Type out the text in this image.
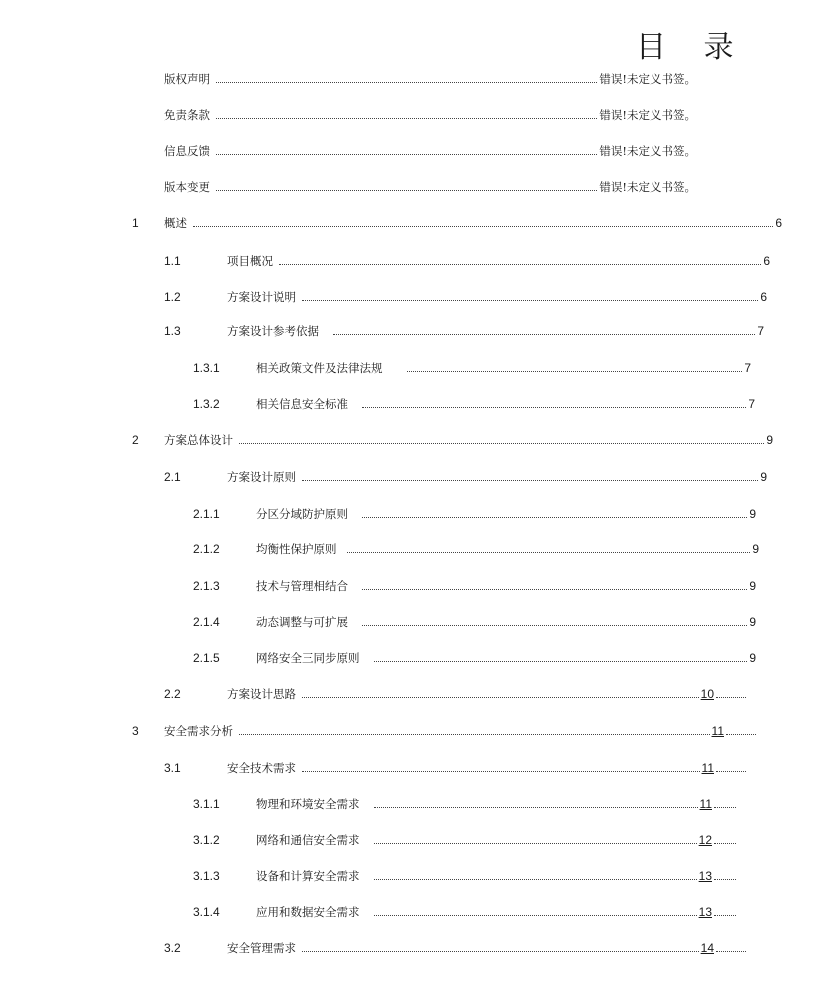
目 录
版权声明	错误!未定义书签。
免责条款	错误!未定义书签。
信息反馈	错误!未定义书签。
版本变更	错误!未定义书签。
1	概述	6
1.1	项目概况	6
1.2	方案设计说明	6
1.3	方案设计参考依据	7
1.3.1	相关政策文件及法律法规	7
1.3.2	相关信息安全标准	7
2	方案总体设计	9
2.1	方案设计原则	9
2.1.1	分区分域防护原则	9
2.1.2	均衡性保护原则	9
2.1.3	技术与管理相结合	9
2.1.4	动态调整与可扩展	9
2.1.5	网络安全三同步原则	9
2.2	方案设计思路	10
3	安全需求分析	11
3.1	安全技术需求	11
3.1.1	物理和环境安全需求	11
3.1.2	网络和通信安全需求	12
3.1.3	设备和计算安全需求	13
3.1.4	应用和数据安全需求	13
3.2	安全管理需求	14
